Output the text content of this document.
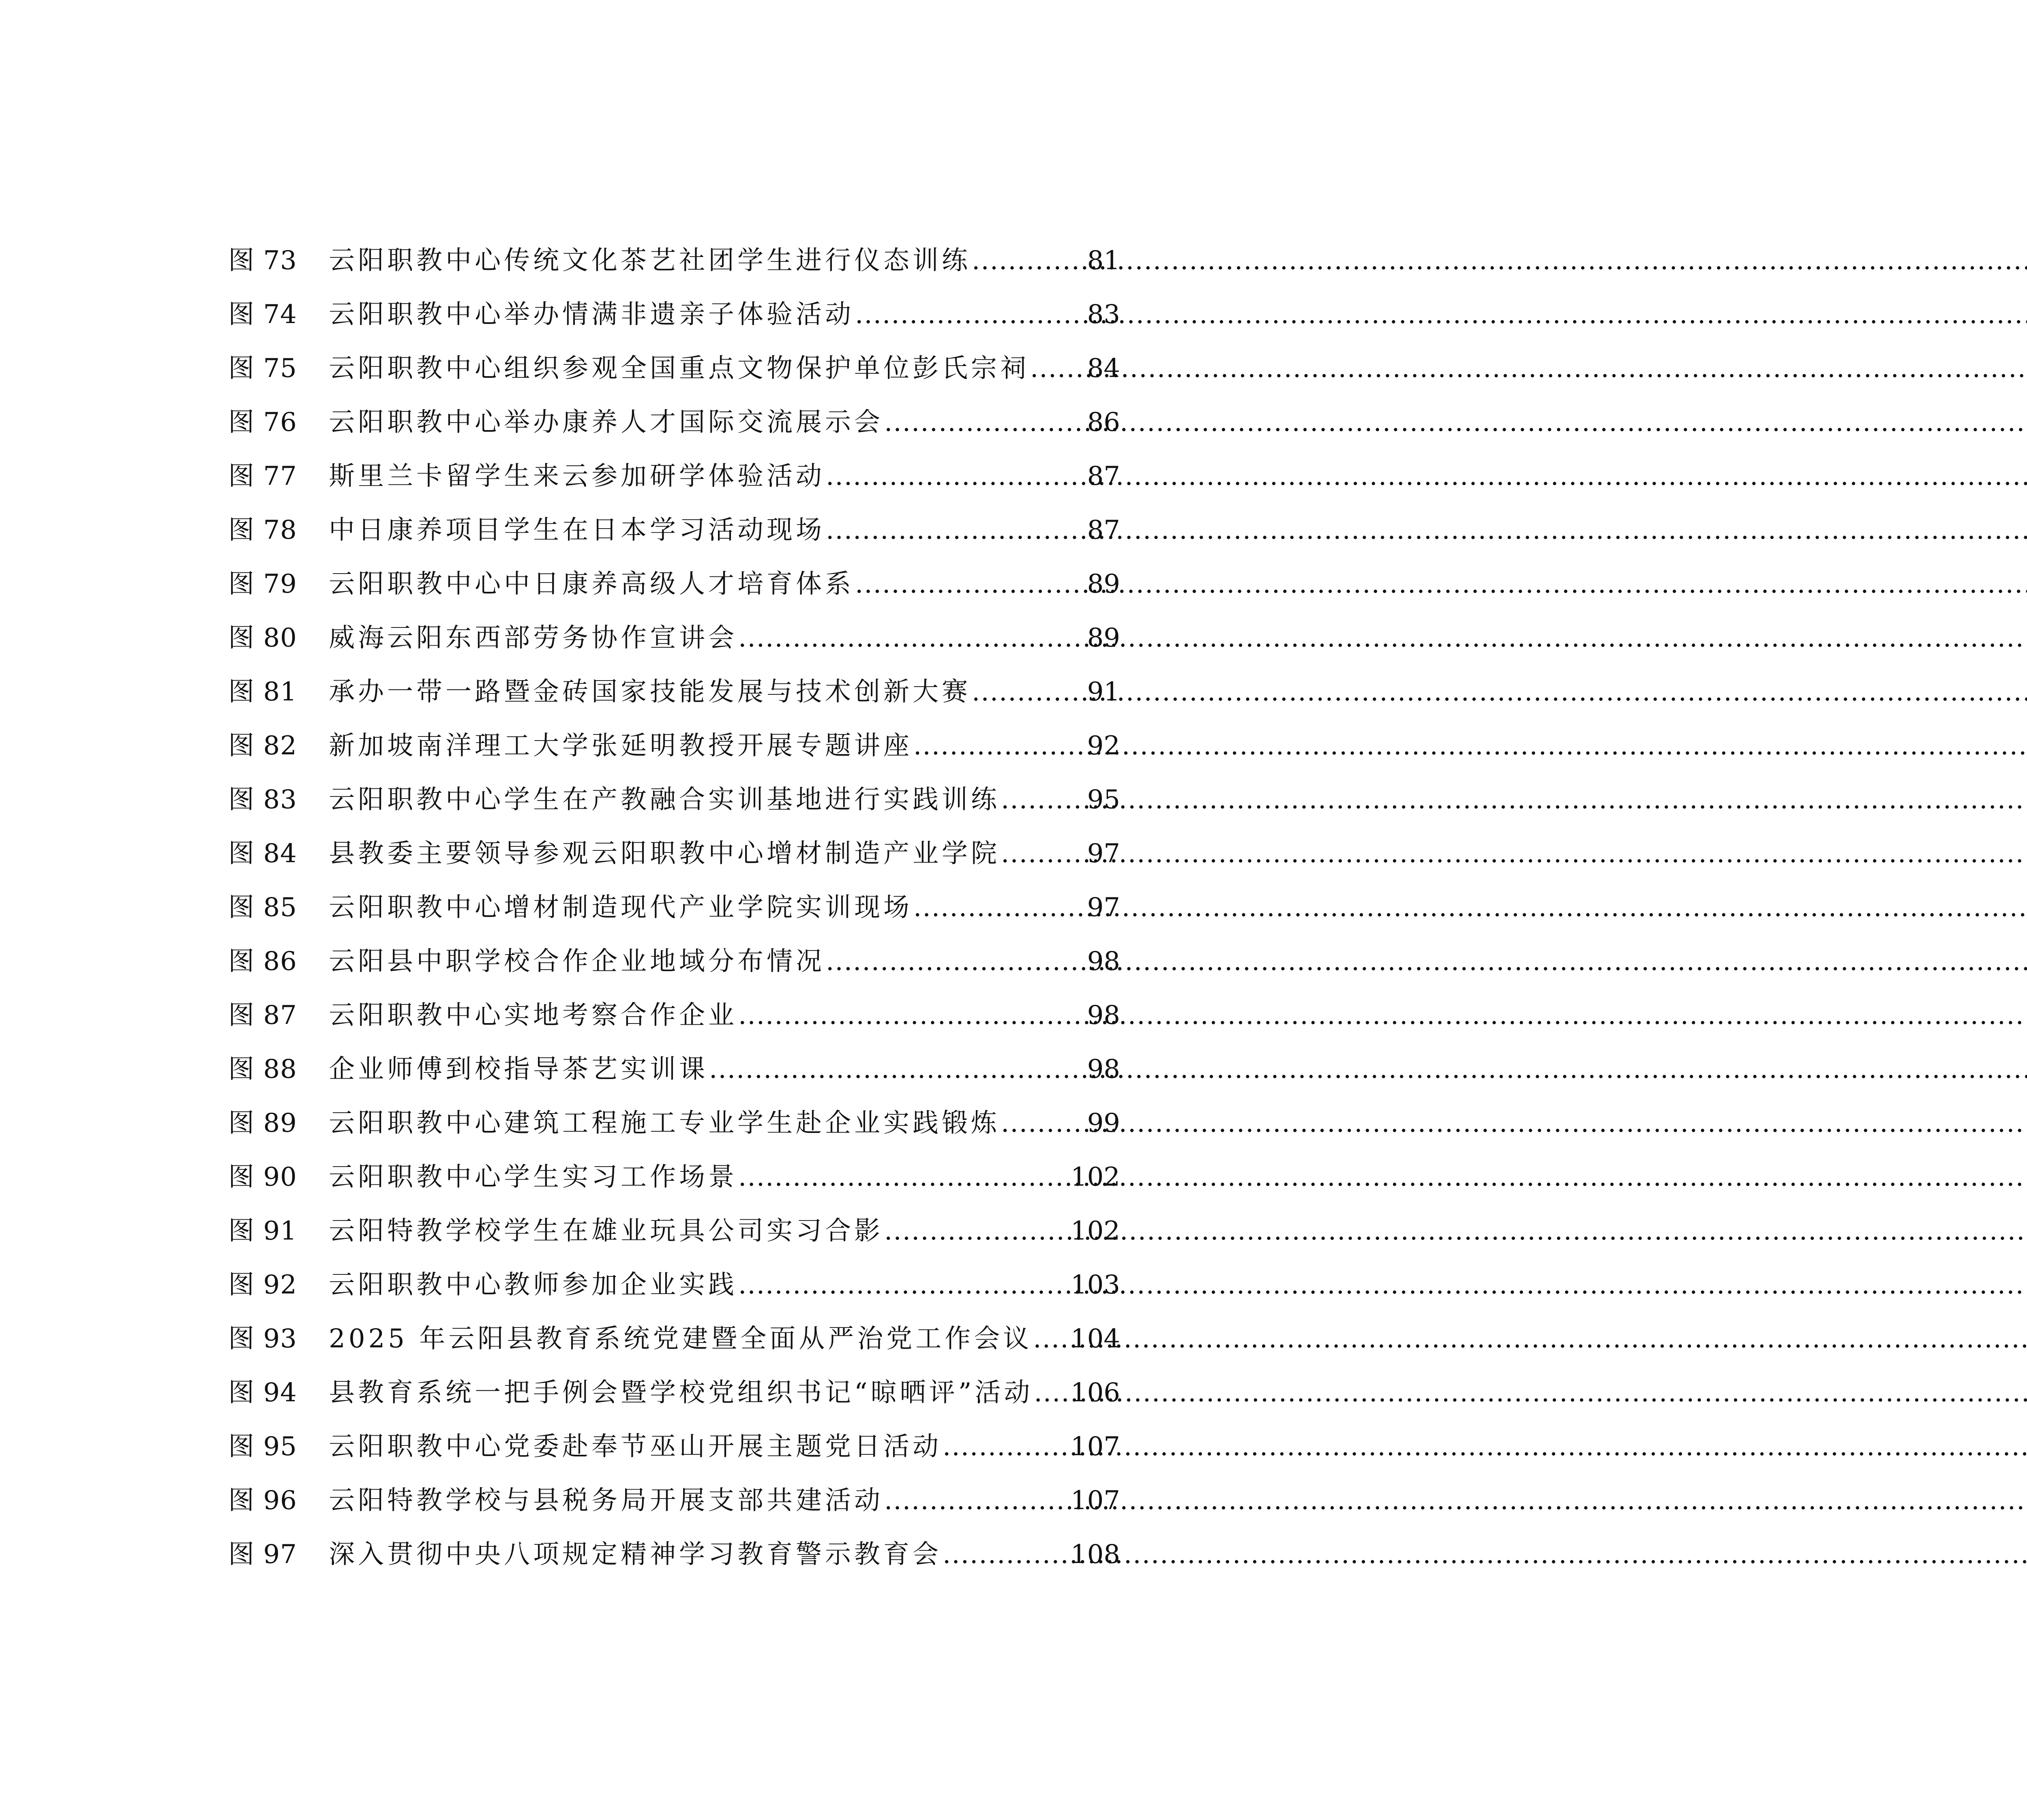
图 73	云阳职教中心传统文化茶艺社团学生进行仪态训练 .....	81
图 74	云阳职教中心举办情满非遗亲子体验活动 .....	83
图 75	云阳职教中心组织参观全国重点文物保护单位彭氏宗祠 ..... 84
图 76	云阳职教中心举办康养人才国际交流展示会 .....	86
图 77	斯里兰卡留学生来云参加研学体验活动 .....	87
图 78	中日康养项目学生在日本学习活动现场 .....	87
图 79	云阳职教中心中日康养高级人才培育体系 .....	89
图 80	威海云阳东西部劳务协作宣讲会 .....	89
图 81	承办一带一路暨金砖国家技能发展与技术创新大赛 .....	91
图 82	新加坡南洋理工大学张延明教授开展专题讲座 .....	92
图 83	云阳职教中心学生在产教融合实训基地进行实践训练 .....	95
图 84	县教委主要领导参观云阳职教中心增材制造产业学院 .....	97
图 85	云阳职教中心增材制造现代产业学院实训现场 .....	97
图 86	云阳县中职学校合作企业地域分布情况 .....	98
图 87	云阳职教中心实地考察合作企业 .....	98
图 88	企业师傅到校指导茶艺实训课 .....	98
图 89	云阳职教中心建筑工程施工专业学生赴企业实践锻炼 .....	99
图 90	云阳职教中心学生实习工作场景 .....	102
图 91	云阳特教学校学生在雄业玩具公司实习合影 .....	102
图 92	云阳职教中心教师参加企业实践 .....	103
图 93	2025 年云阳县教育系统党建暨全面从严治党工作会议 ..... 104
图 94	县教育系统一把手例会暨学校党组织书记“晾晒评”活动 ..... 106
图 95	云阳职教中心党委赴奉节巫山开展主题党日活动 .....	107
图 96	云阳特教学校与县税务局开展支部共建活动 .....	107
图 97	深入贯彻中央八项规定精神学习教育警示教育会 .....	108
